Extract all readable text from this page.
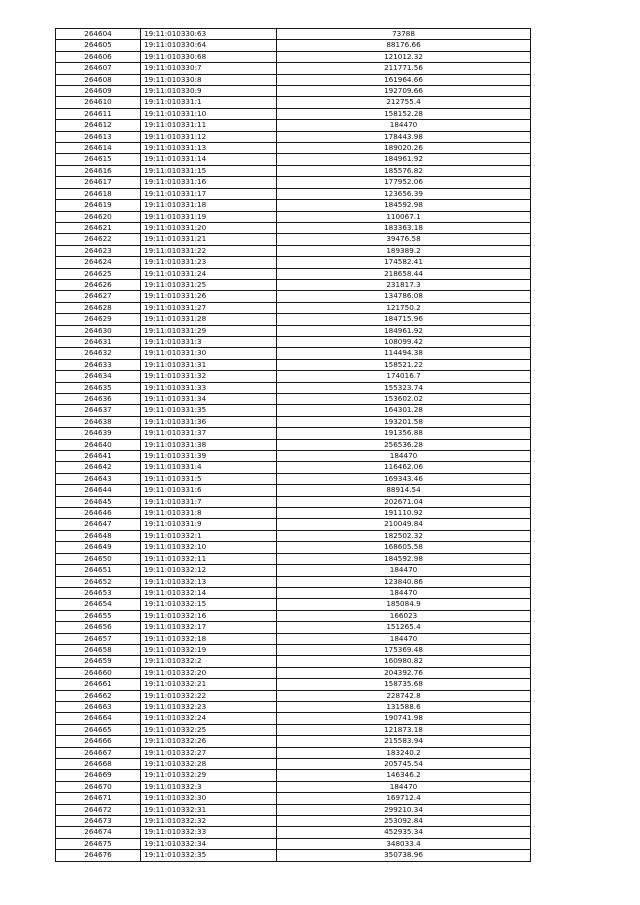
264604	19:11:010330:63	73788
264605	19:11:010330:64	88176.66
264606	19:11:010330:68	121012.32
264607	19:11:010330:7	211771.56
264608	19:11:010330:8	161964.66
264609	19:11:010330:9	192709.66
264610	19:11:010331:1	212755.4
264611	19:11:010331:10	158152.28
264612	19:11:010331:11	184470
264613	19:11:010331:12	178443.98
264614	19:11:010331:13	189020.26
264615	19:11:010331:14	184961.92
264616	19:11:010331:15	185576.82
264617	19:11:010331:16	177952.06
264618	19:11:010331:17	123656.39
264619	19:11:010331:18	184592.98
264620	19:11:010331:19	110067.1
264621	19:11:010331:20	183363.18
264622	19:11:010331:21	39476.58
264623	19:11:010331:22	189389.2
264624	19:11:010331:23	174582.41
264625	19:11:010331:24	218658.44
264626	19:11:010331:25	231817.3
264627	19:11:010331:26	134786.08
264628	19:11:010331:27	121750.2
264629	19:11:010331:28	184715.96
264630	19:11:010331:29	184961.92
264631	19:11:010331:3	108099.42
264632	19:11:010331:30	114494.38
264633	19:11:010331:31	158521.22
264634	19:11:010331:32	174016.7
264635	19:11:010331:33	155323.74
264636	19:11:010331:34	153602.02
264637	19:11:010331:35	164301.28
264638	19:11:010331:36	193201.58
264639	19:11:010331:37	191356.88
264640	19:11:010331:38	256536.28
264641	19:11:010331:39	184470
264642	19:11:010331:4	116462.06
264643	19:11:010331:5	169343.46
264644	19:11:010331:6	88914.54
264645	19:11:010331:7	202671.04
264646	19:11:010331:8	191110.92
264647	19:11:010331:9	210049.84
264648	19:11:010332:1	182502.32
264649	19:11:010332:10	168605.58
264650	19:11:010332:11	184592.98
264651	19:11:010332:12	184470
264652	19:11:010332:13	123840.86
264653	19:11:010332:14	184470
264654	19:11:010332:15	185084.9
264655	19:11:010332:16	166023
264656	19:11:010332:17	151265.4
264657	19:11:010332:18	184470
264658	19:11:010332:19	175369.48
264659	19:11:010332:2	160980.82
264660	19:11:010332:20	204392.76
264661	19:11:010332:21	158735.68
264662	19:11:010332:22	228742.8
264663	19:11:010332:23	131588.6
264664	19:11:010332:24	190741.98
264665	19:11:010332:25	121873.18
264666	19:11:010332:26	215583.94
264667	19:11:010332:27	183240.2
264668	19:11:010332:28	205745.54
264669	19:11:010332:29	146346.2
264670	19:11:010332:3	184470
264671	19:11:010332:30	169712.4
264672	19:11:010332:31	299210.34
264673	19:11:010332:32	253092.84
264674	19:11:010332:33	452935.34
264675	19:11:010332:34	348033.4
264676	19:11:010332:35	350738.96
